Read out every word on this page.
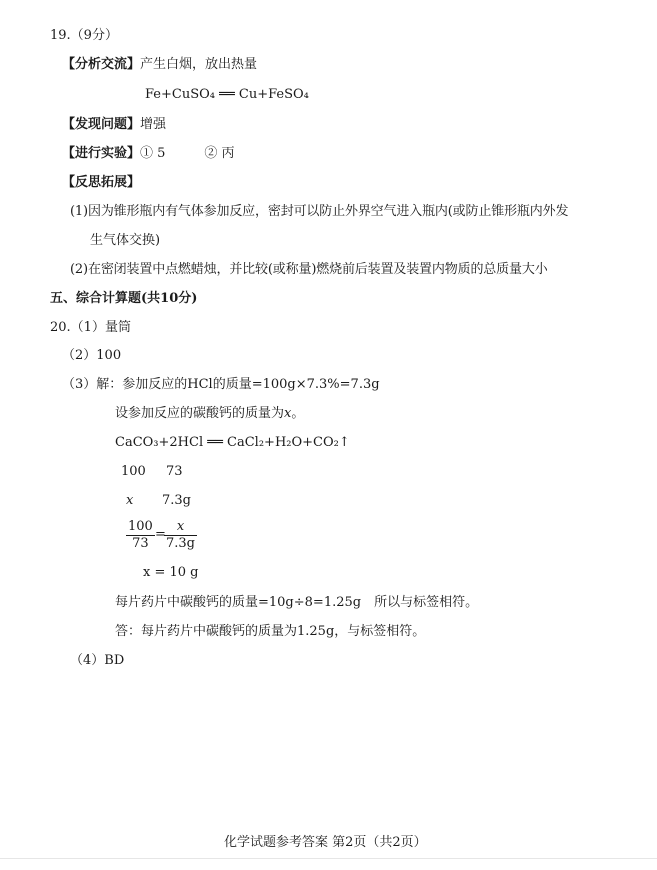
19.（9分）
【分析交流】产生白烟，放出热量
Fe+CuSO₄ ══ Cu+FeSO₄
【发现问题】增强
【进行实验】① 5　　　② 丙
【反思拓展】
(1)因为锥形瓶内有气体参加反应，密封可以防止外界空气进入瓶内(或防止锥形瓶内外发
生气体交换)
(2)在密闭装置中点燃蜡烛，并比较(或称量)燃烧前后装置及装置内物质的总质量大小
五、综合计算题(共10分)
20.（1）量筒
（2）100
（3）解：参加反应的HCl的质量=100g×7.3%=7.3g
设参加反应的碳酸钙的质量为x。
CaCO₃+2HCl ══ CaCl₂+H₂O+CO₂↑
100 73
x 7.3g
$\frac{100}{73}$ =
$\frac{x}{7.3g}$
x = 10 g
每片药片中碳酸钙的质量=10g÷8=1.25g　所以与标签相符。
答：每片药片中碳酸钙的质量为1.25g，与标签相符。
（4）BD
化学试题参考答案 第2页（共2页）
